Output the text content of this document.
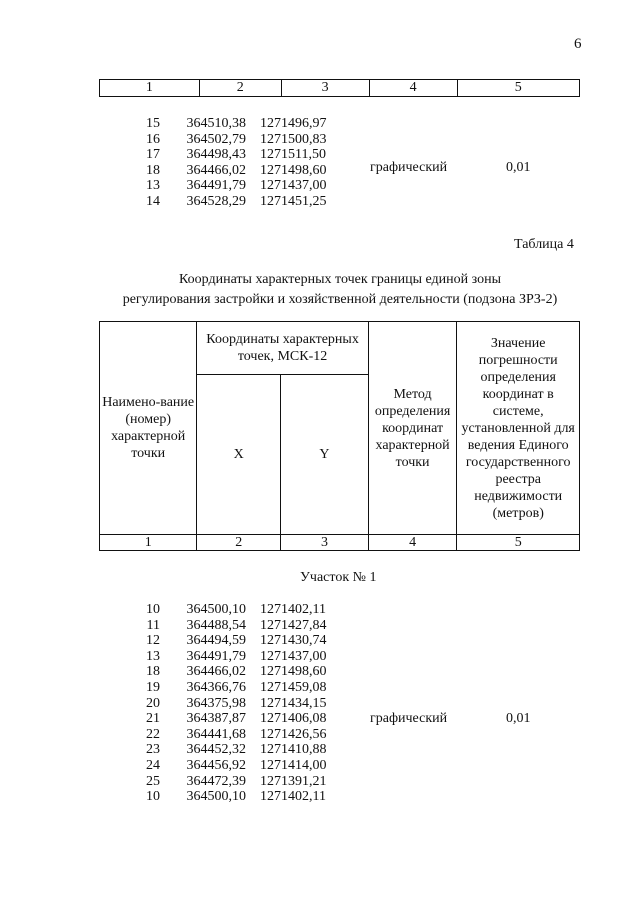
6
1	2	3	4	5
15	364510,38	1271496,97
16	364502,79	1271500,83
17	364498,43	1271511,50
18	364466,02	1271498,60
13	364491,79	1271437,00
14	364528,29	1271451,25
графический	0,01
Таблица 4
Координаты характерных точек границы единой зоны
регулирования застройки и хозяйственной деятельности (подзона ЗРЗ-2)
Наимено-вание (номер) характерной точки	Координаты характерных точек, МСК-12		Метод определения координат характерной точки	Значение погрешности определения координат в системе, установленной для ведения Единого государственного реестра недвижимости (метров)
	X	Y		
1	2	3	4	5
Участок № 1
10	364500,10	1271402,11
11	364488,54	1271427,84
12	364494,59	1271430,74
13	364491,79	1271437,00
18	364466,02	1271498,60
19	364366,76	1271459,08
20	364375,98	1271434,15
21	364387,87	1271406,08
22	364441,68	1271426,56
23	364452,32	1271410,88
24	364456,92	1271414,00
25	364472,39	1271391,21
10	364500,10	1271402,11
графический	0,01
